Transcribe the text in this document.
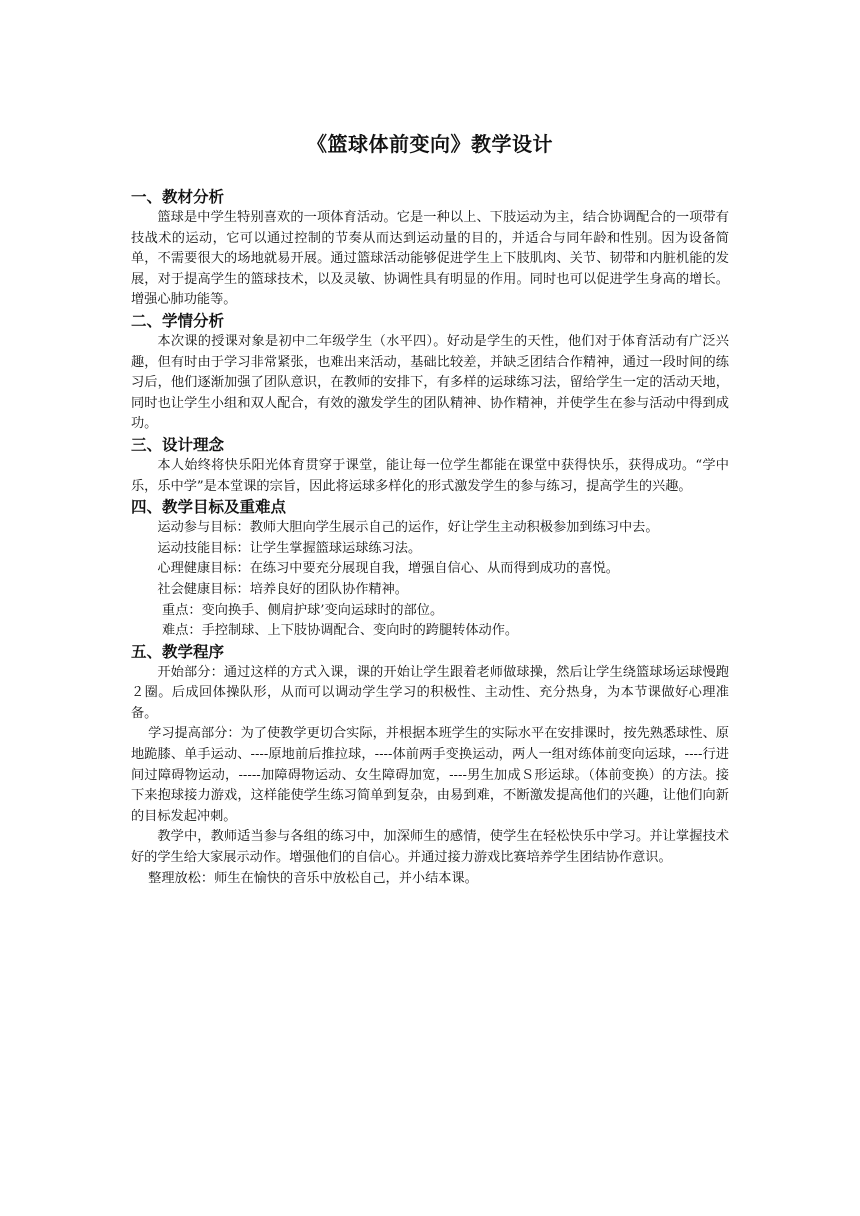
《篮球体前变向》教学设计
一、教材分析

篮球是中学生特别喜欢的一项体育活动。它是一种以上、下肢运动为主，结合协调配合的一项带有技战术的运动，它可以通过控制的节奏从而达到运动量的目的，并适合与同年龄和性别。因为设备简单，不需要很大的场地就易开展。通过篮球活动能够促进学生上下肢肌肉、关节、韧带和内脏机能的发展，对于提高学生的篮球技术，以及灵敏、协调性具有明显的作用。同时也可以促进学生身高的增长。增强心肺功能等。

二、学情分析

本次课的授课对象是初中二年级学生（水平四）。好动是学生的天性，他们对于体育活动有广泛兴趣，但有时由于学习非常紧张，也难出来活动，基础比较差，并缺乏团结合作精神，通过一段时间的练习后，他们逐渐加强了团队意识，在教师的安排下，有多样的运球练习法，留给学生一定的活动天地，同时也让学生小组和双人配合，有效的激发学生的团队精神、协作精神，并使学生在参与活动中得到成功。

三、设计理念

本人始终将快乐阳光体育贯穿于课堂，能让每一位学生都能在课堂中获得快乐，获得成功。“学中乐，乐中学”是本堂课的宗旨，因此将运球多样化的形式激发学生的参与练习，提高学生的兴趣。

四、教学目标及重难点

运动参与目标：教师大胆向学生展示自己的运作，好让学生主动积极参加到练习中去。

运动技能目标：让学生掌握篮球运球练习法。

心理健康目标：在练习中要充分展现自我，增强自信心、从而得到成功的喜悦。

社会健康目标：培养良好的团队协作精神。

重点：变向换手、侧肩护球’变向运球时的部位。

难点：手控制球、上下肢协调配合、变向时的跨腿转体动作。

五、教学程序

开始部分：通过这样的方式入课，课的开始让学生跟着老师做球操，然后让学生绕篮球场运球慢跑２圈。后成回体操队形，从而可以调动学生学习的积极性、主动性、充分热身，为本节课做好心理准备。

学习提高部分：为了使教学更切合实际，并根据本班学生的实际水平在安排课时，按先熟悉球性、原地跪膝、单手运动、----原地前后推拉球，----体前两手变换运动，两人一组对练体前变向运球，----行进间过障碍物运动，-----加障碍物运动、女生障碍加宽，----男生加成Ｓ形运球。（体前变换）的方法。接下来抱球接力游戏，这样能使学生练习简单到复杂，由易到难，不断激发提高他们的兴趣，让他们向新的目标发起冲刺。

教学中，教师适当参与各组的练习中，加深师生的感情，使学生在轻松快乐中学习。并让掌握技术好的学生给大家展示动作。增强他们的自信心。并通过接力游戏比赛培养学生团结协作意识。

整理放松：师生在愉快的音乐中放松自己，并小结本课。
